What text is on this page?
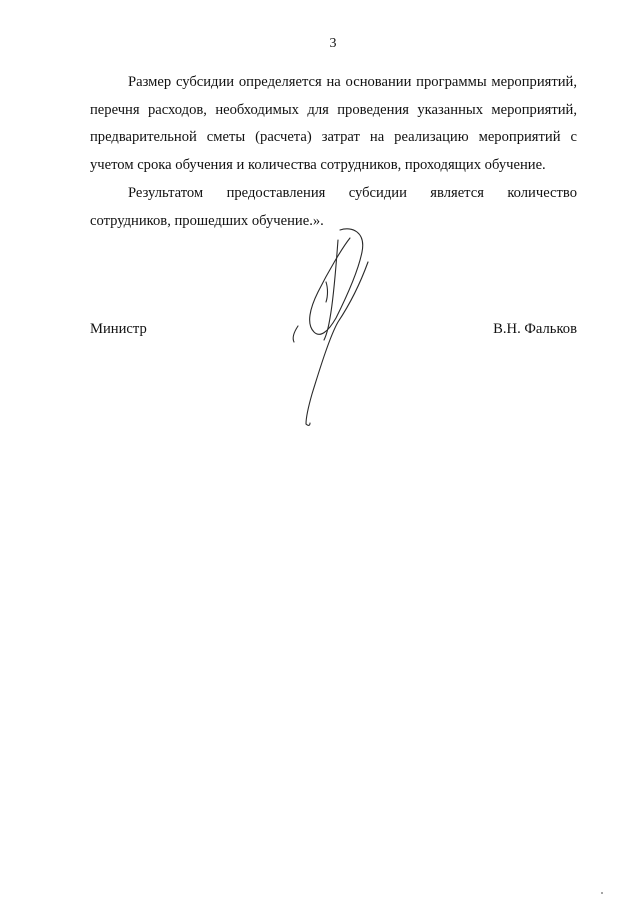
3

Размер субсидии определяется на основании программы мероприятий, перечня расходов, необходимых для проведения указанных мероприятий, предварительной сметы (расчета) затрат на реализацию мероприятий с учетом срока обучения и количества сотрудников, проходящих обучение.

Результатом предоставления субсидии является количество сотрудников, прошедших обучение.».

Министр	В.Н. Фальков
